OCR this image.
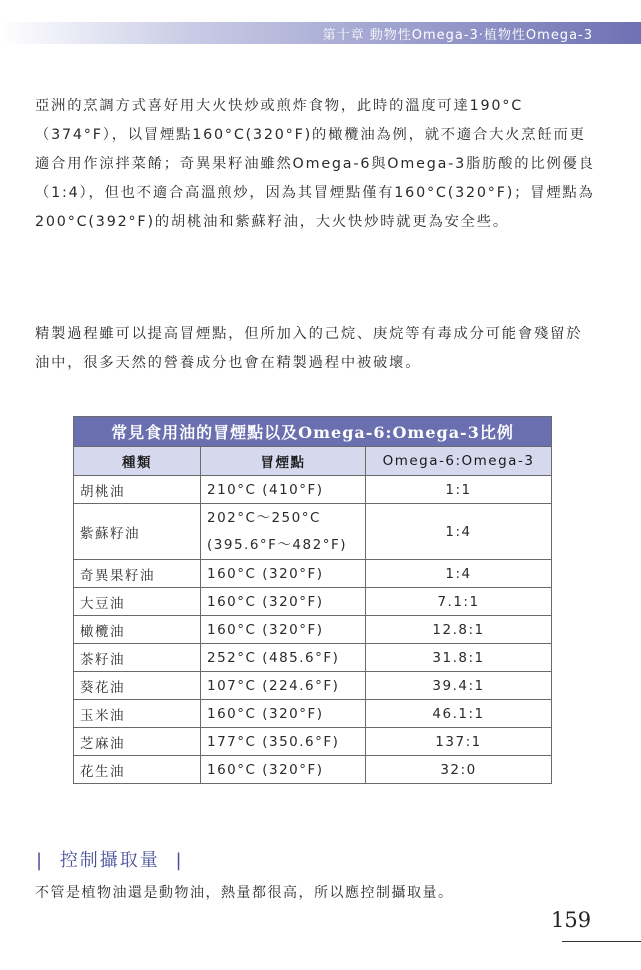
第十章 動物性Omega-3‧植物性Omega-3

亞洲的烹調方式喜好用大火快炒或煎炸食物，此時的溫度可達190°C（374°F），以冒煙點160°C(320°F)的橄欖油為例，就不適合大火烹飪而更適合用作涼拌菜餚；奇異果籽油雖然Omega-6與Omega-3脂肪酸的比例優良（1:4），但也不適合高溫煎炒，因為其冒煙點僅有160°C(320°F)；冒煙點為200°C(392°F)的胡桃油和紫蘇籽油，大火快炒時就更為安全些。

精製過程雖可以提高冒煙點，但所加入的己烷、庚烷等有毒成分可能會殘留於油中，很多天然的營養成分也會在精製過程中被破壞。

常見食用油的冒煙點以及Omega-6:Omega-3比例		
種類	冒煙點	Omega-6:Omega-3
胡桃油	210°C (410°F)	1:1
紫蘇籽油	202°C～250°C
(395.6°F～482°F)	1:4
奇異果籽油	160°C (320°F)	1:4
大豆油	160°C (320°F)	7.1:1
橄欖油	160°C (320°F)	12.8:1
茶籽油	252°C (485.6°F)	31.8:1
葵花油	107°C (224.6°F)	39.4:1
玉米油	160°C (320°F)	46.1:1
芝麻油	177°C (350.6°F)	137:1
花生油	160°C (320°F)	32:0
| 控制攝取量 |
不管是植物油還是動物油，熱量都很高，所以應控制攝取量。
159
